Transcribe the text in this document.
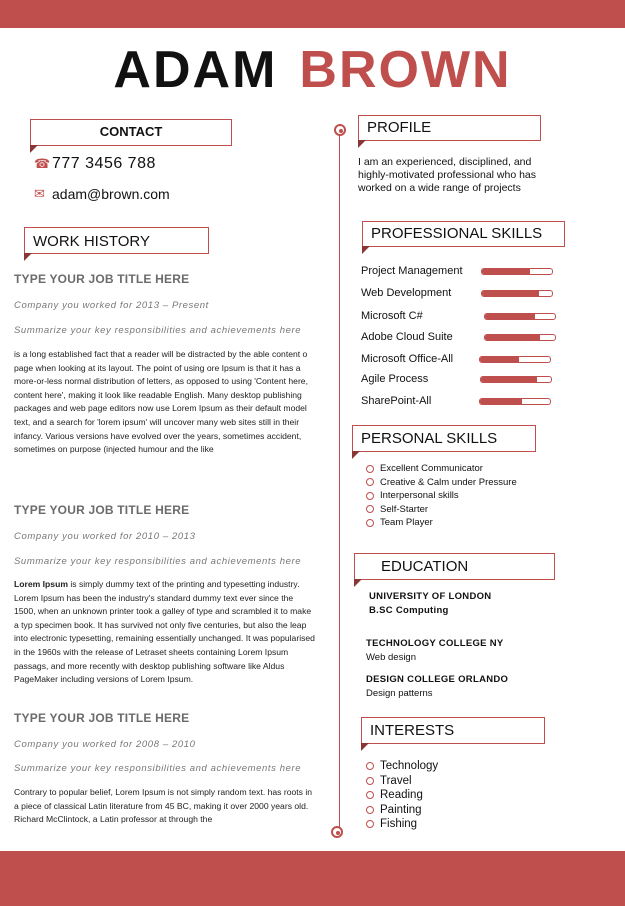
ADAM BROWN
CONTACT
☎ 777 3456 788
✉ adam@brown.com
WORK HISTORY
TYPE YOUR JOB TITLE HERE
Company you worked for 2013 – Present
Summarize your key responsibilities and achievements here
is a long established fact that a reader will be distracted by the able content o page when looking at its layout. The point of using ore Ipsum is that it has a more-or-less normal distribution of letters, as opposed to using 'Content here, content here', making it look like readable English. Many desktop publishing packages and web page editors now use Lorem Ipsum as their default model text, and a search for 'lorem ipsum' will uncover many web sites still in their infancy. Various versions have evolved over the years, sometimes accident, sometimes on purpose (injected humour and the like
TYPE YOUR JOB TITLE HERE
Company you worked for 2010 – 2013
Summarize your key responsibilities and achievements here
Lorem Ipsum is simply dummy text of the printing and typesetting industry. Lorem Ipsum has been the industry's standard dummy text ever since the 1500, when an unknown printer took a galley of type and scrambled it to make a typ specimen book. It has survived not only five centuries, but also the leap into electronic typesetting, remaining essentially unchanged. It was popularised in the 1960s with the release of Letraset sheets containing Lorem Ipsum passags, and more recently with desktop publishing software like Aldus PageMaker including versions of Lorem Ipsum.
TYPE YOUR JOB TITLE HERE
Company you worked for 2008 – 2010
Summarize your key responsibilities and achievements here
Contrary to popular belief, Lorem Ipsum is not simply random text. has roots in a piece of classical Latin literature from 45 BC, making it over 2000 years old. Richard McClintock, a Latin professor at through the
PROFILE
I am an experienced, disciplined, and highly-motivated professional who has worked on a wide range of projects
PROFESSIONAL SKILLS
Project Management
Web Development
Microsoft C#
Adobe Cloud Suite
Microsoft Office-All
Agile Process
SharePoint-All
PERSONAL SKILLS
Excellent Communicator
Creative & Calm under Pressure
Interpersonal skills
Self-Starter
Team Player
EDUCATION
UNIVERSITY OF LONDON
B.SC Computing
TECHNOLOGY COLLEGE NY
Web design
DESIGN COLLEGE ORLANDO
Design patterns
INTERESTS
Technology
Travel
Reading
Painting
Fishing
